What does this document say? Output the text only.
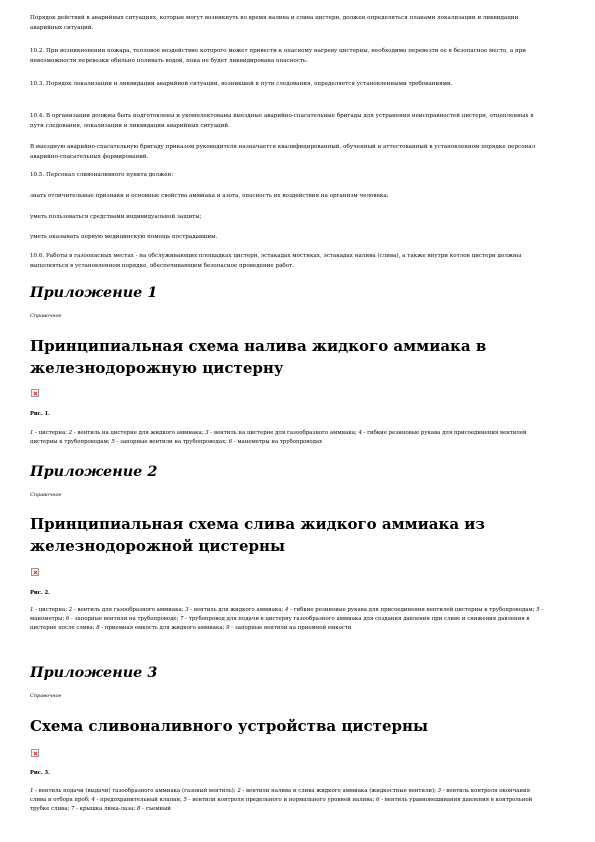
Порядок действий в аварийных ситуациях, которые могут возникнуть во время налива и слива цистерн, должен определяться планами локализации и ликвидации аварийных ситуаций.

10.2. При возникновении пожара, тепловое воздействие которого может привести к опасному нагреву цистерны, необходимо перевезти ее в безопасное место, а при невозможности перевозки обильно поливать водой, пока не будет ликвидирована опасность.

10.3. Порядок локализации и ликвидации аварийной ситуации, возникшей в пути следования, определяется установленными требованиями.

10.4. В организации должны быть подготовлены и укомплектованы выездные аварийно-спасательные бригады для устранения неисправностей цистерн, отцепленных в пути следования, локализации и ликвидации аварийных ситуаций.

В выездную аварийно-спасательную бригаду приказом руководителя назначается квалифицированный, обученный и аттестованный в установленном порядке персонал аварийно-спасательных формирований.

10.5. Персонал сливоналивного пункта должен:

знать отличительные признаки и основные свойства аммиака и азота, опасность их воздействия на организм человека;

уметь пользоваться средствами индивидуальной защиты;

уметь оказывать первую медицинскую помощь пострадавшим.

10.6. Работы в газоопасных местах - на обслуживающих площадках цистерн, эстакадах мостиках, эстакадах налива (слива), а также внутри котлов цистерн должны выполняться в установленном порядке, обеспечивающем безопасное проведение работ.

Приложение 1

Справочное

Принципиальная схема налива жидкого аммиака в железнодорожную цистерну

Рис. 1.

1 - цистерна; 2 - вентиль на цистерне для жидкого аммиака; 3 - вентиль на цистерне для газообразного аммиака; 4 - гибкие резиновые рукава для присоединения вентилей цистерны к трубопроводам; 5 - запорные вентили на трубопроводах; 6 - манометры на трубопроводах

Приложение 2

Справочное

Принципиальная схема слива жидкого аммиака из железнодорожной цистерны

Рис. 2.

1 - цистерна; 2 - вентиль для газообразного аммиака; 3 - вентиль для жидкого аммиака; 4 - гибкие резиновые рукава для присоединения вентилей цистерны к трубопроводам; 5 - манометры; 6 - запорные вентили на трубопроводе; 7 - трубопровод для подачи в цистерну газообразного аммиака для создания давления при сливе и снижения давления в цистерне после слива; 8 - приемная емкость для жидкого аммиака; 9 - запорные вентили на приемной емкости

Приложение 3

Справочное

Схема сливоналивного устройства цистерны

Рис. 3.

1 - вентиль подачи (выдачи) газообразного аммиака (газовый вентиль); 2 - вентили налива и слива жидкого аммиака (жидкостные вентили); 3 - вентиль контроля окончания слива и отбора проб; 4 - предохранительный клапан; 5 - вентили контроля предельного и нормального уровней налива; 6 - вентиль уравновешивания давления в контрольной трубке слива; 7 - крышка люка-лаза; 8 - съемный
